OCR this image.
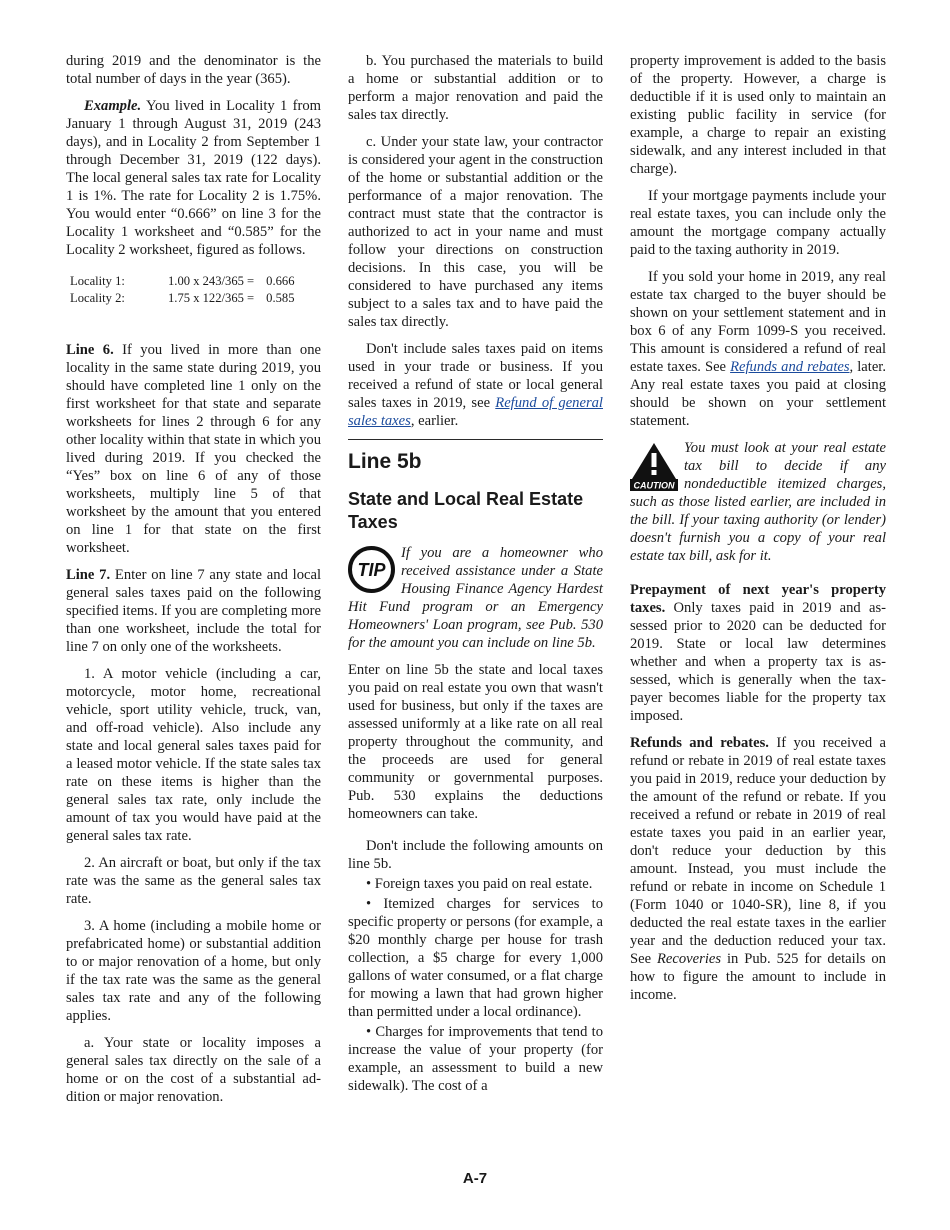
during 2019 and the denominator is the total number of days in the year (365).

Example. You lived in Locality 1 from January 1 through August 31, 2019 (243 days), and in Locality 2 from September 1 through December 31, 2019 (122 days). The local general sales tax rate for Locality 1 is 1%. The rate for Locality 2 is 1.75%. You would enter “0.666” on line 3 for the Locality 1 worksheet and “0.585” for the Locality 2 worksheet, figured as follows.

Locality 1:	1.00 x 243/365 =	0.666
Locality 2:	1.75 x 122/365 =	0.585

Line 6. If you lived in more than one locality in the same state during 2019, you should have completed line 1 only on the first worksheet for that state and separate worksheets for lines 2 through 6 for any other locality within that state in which you lived during 2019. If you checked the “Yes” box on line 6 of any of those worksheets, multiply line 5 of that worksheet by the amount that you entered on line 1 for that state on the first worksheet.

Line 7. Enter on line 7 any state and local general sales taxes paid on the following specified items. If you are completing more than one worksheet, include the total for line 7 on only one of the worksheets.

1. A motor vehicle (including a car, motorcycle, motor home, recreational vehicle, sport utility vehicle, truck, van, and off-road vehicle). Also include any state and local general sales taxes paid for a leased motor vehicle. If the state sales tax rate on these items is higher than the general sales tax rate, only include the amount of tax you would have paid at the general sales tax rate.

2. An aircraft or boat, but only if the tax rate was the same as the general sales tax rate.

3. A home (including a mobile home or prefabricated home) or substantial addition to or major renovation of a home, but only if the tax rate was the same as the general sales tax rate and any of the following applies.

a. Your state or locality imposes a general sales tax directly on the sale of a home or on the cost of a substantial addition or major renovation.

b. You purchased the materials to build a home or substantial addition or to perform a major renovation and paid the sales tax directly.

c. Under your state law, your contractor is considered your agent in the construction of the home or substantial addition or the performance of a major renovation. The contract must state that the contractor is authorized to act in your name and must follow your directions on construction decisions. In this case, you will be considered to have purchased any items subject to a sales tax and to have paid the sales tax directly.

Don't include sales taxes paid on items used in your trade or business. If you received a refund of state or local general sales taxes in 2019, see Refund of general sales taxes, earlier.

Line 5b
State and Local Real Estate Taxes

TIP
If you are a homeowner who received assistance under a State Housing Finance Agency Hardest Hit Fund program or an Emergency Homeowners' Loan program, see Pub. 530 for the amount you can include on line 5b.

Enter on line 5b the state and local taxes you paid on real estate you own that wasn't used for business, but only if the taxes are assessed uniformly at a like rate on all real property throughout the community, and the proceeds are used for general community or governmental purposes. Pub. 530 explains the deductions homeowners can take.

Don't include the following amounts on line 5b.

• Foreign taxes you paid on real estate.

• Itemized charges for services to specific property or persons (for example, a $20 monthly charge per house for trash collection, a $5 charge for every 1,000 gallons of water consumed, or a flat charge for mowing a lawn that had grown higher than permitted under a local ordinance).

• Charges for improvements that tend to increase the value of your property (for example, an assessment to build a new sidewalk). The cost of a

property improvement is added to the basis of the property. However, a charge is deductible if it is used only to maintain an existing public facility in service (for example, a charge to repair an existing sidewalk, and any interest included in that charge).

If your mortgage payments include your real estate taxes, you can include only the amount the mortgage company actually paid to the taxing authority in 2019.

If you sold your home in 2019, any real estate tax charged to the buyer should be shown on your settlement statement and in box 6 of any Form 1099-S you received. This amount is considered a refund of real estate taxes. See Refunds and rebates, later. Any real estate taxes you paid at closing should be shown on your settlement statement.

CAUTION
You must look at your real estate tax bill to decide if any nondeductible itemized charges, such as those listed earlier, are included in the bill. If your taxing authority (or lender) doesn't furnish you a copy of your real estate tax bill, ask for it.

Prepayment of next year's property taxes. Only taxes paid in 2019 and assessed prior to 2020 can be deducted for 2019. State or local law determines whether and when a property tax is assessed, which is generally when the taxpayer becomes liable for the property tax imposed.

Refunds and rebates. If you received a refund or rebate in 2019 of real estate taxes you paid in 2019, reduce your deduction by the amount of the refund or rebate. If you received a refund or rebate in 2019 of real estate taxes you paid in an earlier year, don't reduce your deduction by this amount. Instead, you must include the refund or rebate in income on Schedule 1 (Form 1040 or 1040-SR), line 8, if you deducted the real estate taxes in the earlier year and the deduction reduced your tax. See Recoveries in Pub. 525 for details on how to figure the amount to include in income.

A-7
